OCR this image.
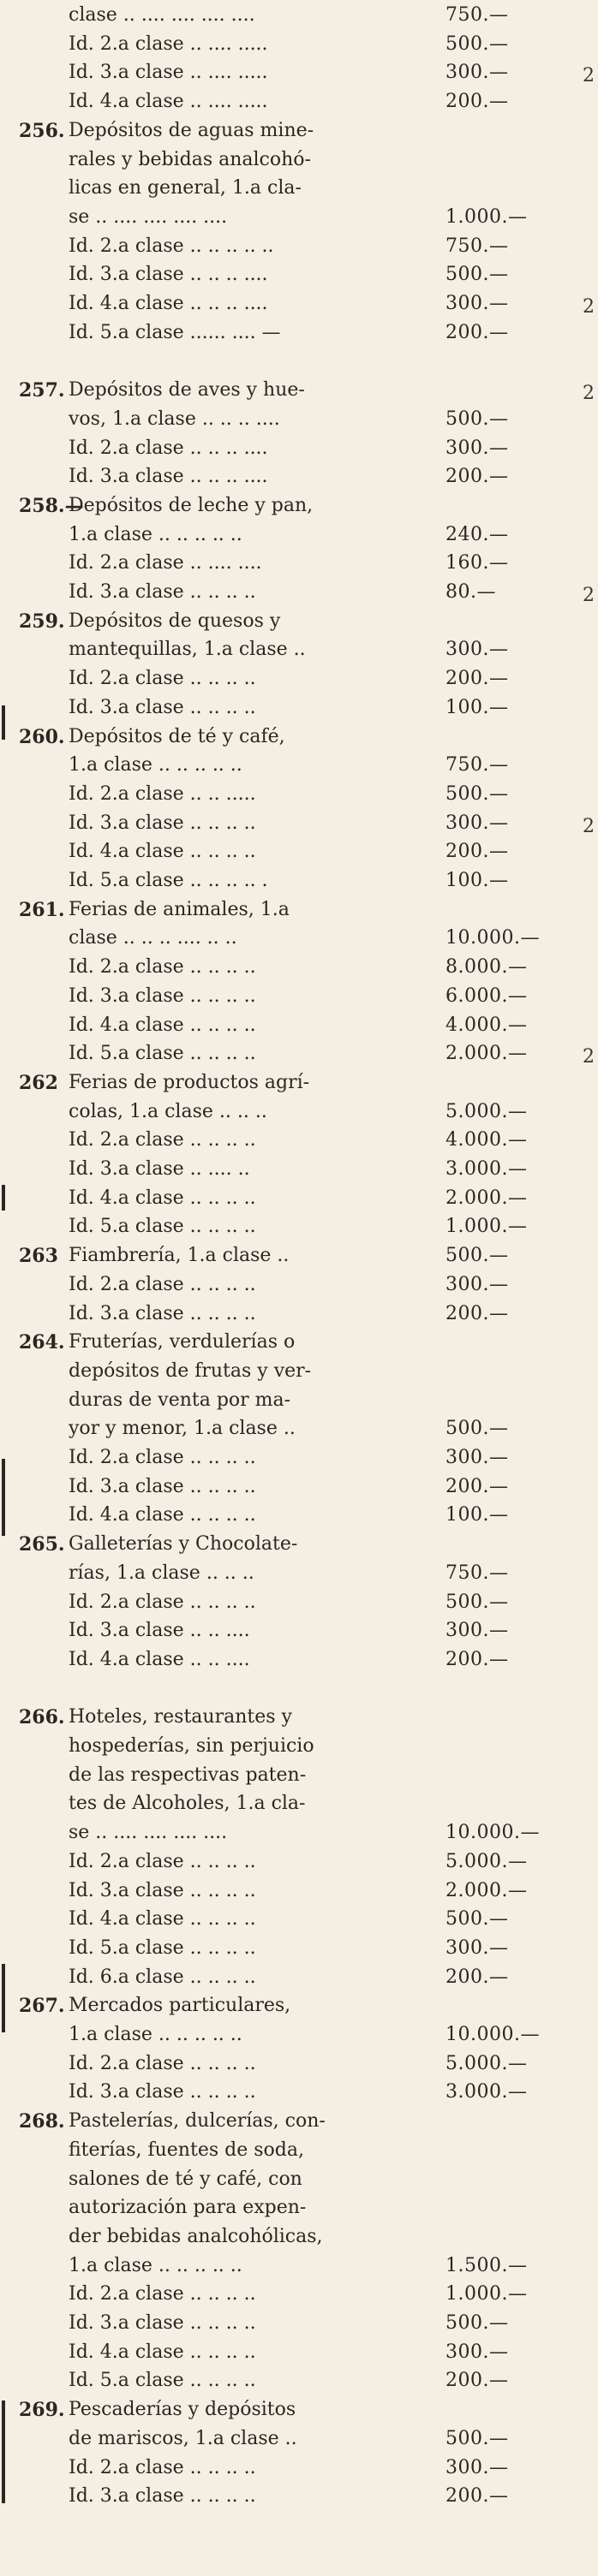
clase .. .... .... .... ....	750.—
Id. 2.a clase .. .... .....	500.—
Id. 3.a clase .. .... .....	300.—
Id. 4.a clase .. .... .....	200.—
256. Depósitos de aguas mine-
rales y bebidas analcohó-
licas en general, 1.a cla-
se .. .... .... .... ....	1.000.—
Id. 2.a clase .. .. .. .. ..	750.—
Id. 3.a clase .. .. .. ....	500.—
Id. 4.a clase .. .. .. ....	300.—
Id. 5.a clase ...... .... —	200.—
257. Depósitos de aves y hue-
vos, 1.a clase .. .. .. ....	500.—
Id. 2.a clase .. .. .. ....	300.—
Id. 3.a clase .. .. .. ....	200.—
258.—
Depósitos de leche y pan,
1.a clase .. .. .. .. ..	240.—
Id. 2.a clase .. .... ....	160.—
Id. 3.a clase .. .. .. ..	80.—
259. Depósitos de quesos y
mantequillas, 1.a clase ..	300.—
Id. 2.a clase .. .. .. ..	200.—
Id. 3.a clase .. .. .. ..	100.—
260. Depósitos de té y café,
1.a clase .. .. .. .. ..	750.—
Id. 2.a clase .. .. .....	500.—
Id. 3.a clase .. .. .. ..	300.—
Id. 4.a clase .. .. .. ..	200.—
Id. 5.a clase .. .. .. .. .	100.—
261. Ferias de animales, 1.a
clase .. .. .. .... .. ..	10.000.—
Id. 2.a clase .. .. .. ..	8.000.—
Id. 3.a clase .. .. .. ..	6.000.—
Id. 4.a clase .. .. .. ..	4.000.—
Id. 5.a clase .. .. .. ..	2.000.—
262 Ferias de productos agrí-
colas, 1.a clase .. .. ..	5.000.—
Id. 2.a clase .. .. .. ..	4.000.—
Id. 3.a clase .. .... ..	3.000.—
Id. 4.a clase .. .. .. ..	2.000.—
Id. 5.a clase .. .. .. ..	1.000.—
263 Fiambrería, 1.a clase ..	500.—
Id. 2.a clase .. .. .. ..	300.—
Id. 3.a clase .. .. .. ..	200.—
264. Fruterías, verdulerías o
depósitos de frutas y ver-
duras de venta por ma-
yor y menor, 1.a clase ..	500.—
Id. 2.a clase .. .. .. ..	300.—
Id. 3.a clase .. .. .. ..	200.—
Id. 4.a clase .. .. .. ..	100.—
265. Galleterías y Chocolate-
rías, 1.a clase .. .. ..	750.—
Id. 2.a clase .. .. .. ..	500.—
Id. 3.a clase .. .. ....	300.—
Id. 4.a clase .. .. ....	200.—
266. Hoteles, restaurantes y
hospederías, sin perjuicio
de las respectivas paten-
tes de Alcoholes, 1.a cla-
se .. .... .... .... ....	10.000.—
Id. 2.a clase .. .. .. ..	5.000.—
Id. 3.a clase .. .. .. ..	2.000.—
Id. 4.a clase .. .. .. ..	500.—
Id. 5.a clase .. .. .. ..	300.—
Id. 6.a clase .. .. .. ..	200.—
267. Mercados particulares,
1.a clase .. .. .. .. ..	10.000.—
Id. 2.a clase .. .. .. ..	5.000.—
Id. 3.a clase .. .. .. ..	3.000.—
268. Pastelerías, dulcerías, con-
fiterías, fuentes de soda,
salones de té y café, con
autorización para expen-
der bebidas analcohólicas,
1.a clase .. .. .. .. ..	1.500.—
Id. 2.a clase .. .. .. ..	1.000.—
Id. 3.a clase .. .. .. ..	500.—
Id. 4.a clase .. .. .. ..	300.—
Id. 5.a clase .. .. .. ..	200.—
269. Pescaderías y depósitos
de mariscos, 1.a clase ..	500.—
Id. 2.a clase .. .. .. ..	300.—
Id. 3.a clase .. .. .. ..	200.—
2
2
2
2
2
2
